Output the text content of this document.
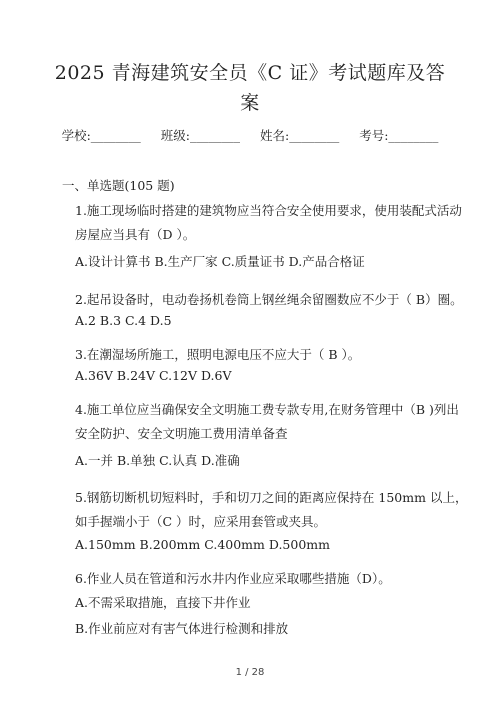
2025 青海建筑安全员《C 证》考试题库及答
案
学校:________ 班级:________ 姓名:________ 考号:________
一、单选题(105 题)
1.施工现场临时搭建的建筑物应当符合安全使用要求，使用装配式活动
房屋应当具有（D ）。
A.设计计算书 B.生产厂家 C.质量证书 D.产品合格证
2.起吊设备时，电动卷扬机卷筒上钢丝绳余留圈数应不少于（ B）圈。
A.2 B.3 C.4 D.5
3.在潮湿场所施工，照明电源电压不应大于（ B ）。
A.36V B.24V C.12V D.6V
4.施工单位应当确保安全文明施工费专款专用,在财务管理中（B )列出
安全防护、安全文明施工费用清单备查
A.一并 B.单独 C.认真 D.准确
5.钢筋切断机切短料时，手和切刀之间的距离应保持在 150mm 以上，
如手握端小于（C ）时，应采用套管或夹具。
A.150mm B.200mm C.400mm D.500mm
6.作业人员在管道和污水井内作业应采取哪些措施（D）。
A.不需采取措施，直接下井作业
B.作业前应对有害气体进行检测和排放
1 / 28
